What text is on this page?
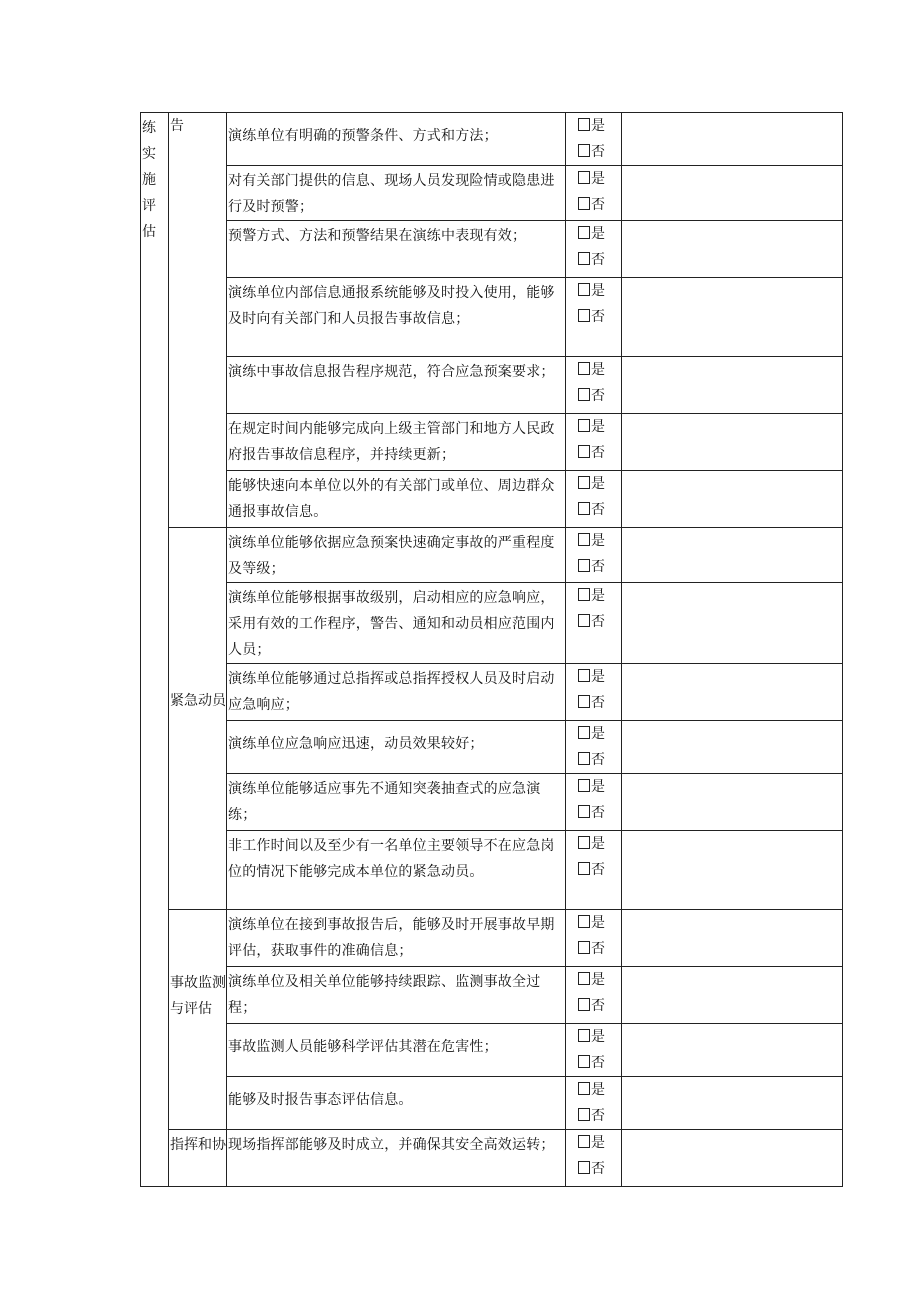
练实施评估	告	演练单位有明确的预警条件、方式和方法；	是
否	

		对有关部门提供的信息、现场人员发现险情或隐患进行及时预警；	是
否	

		预警方式、方法和预警结果在演练中表现有效；	是
否	

		演练单位内部信息通报系统能够及时投入使用，能够及时向有关部门和人员报告事故信息；	是
否	

		演练中事故信息报告程序规范，符合应急预案要求；	是
否	

		在规定时间内能够完成向上级主管部门和地方人民政府报告事故信息程序，并持续更新；	是
否	

		能够快速向本单位以外的有关部门或单位、周边群众通报事故信息。	是
否	

	紧急动员	演练单位能够依据应急预案快速确定事故的严重程度及等级；	是
否	

		演练单位能够根据事故级别，启动相应的应急响应，采用有效的工作程序，警告、通知和动员相应范围内人员；	是
否	

		演练单位能够通过总指挥或总指挥授权人员及时启动应急响应；	是
否	

		演练单位应急响应迅速，动员效果较好；	是
否	

		演练单位能够适应事先不通知突袭抽查式的应急演练；	是
否	

		非工作时间以及至少有一名单位主要领导不在应急岗位的情况下能够完成本单位的紧急动员。	是
否	

	事故监测与评估	演练单位在接到事故报告后，能够及时开展事故早期评估，获取事件的准确信息；	是
否	

		演练单位及相关单位能够持续跟踪、监测事故全过程；	是
否	

		事故监测人员能够科学评估其潜在危害性；	是
否	

		能够及时报告事态评估信息。	是
否	

	指挥和协	现场指挥部能够及时成立，并确保其安全高效运转；	是
否	
